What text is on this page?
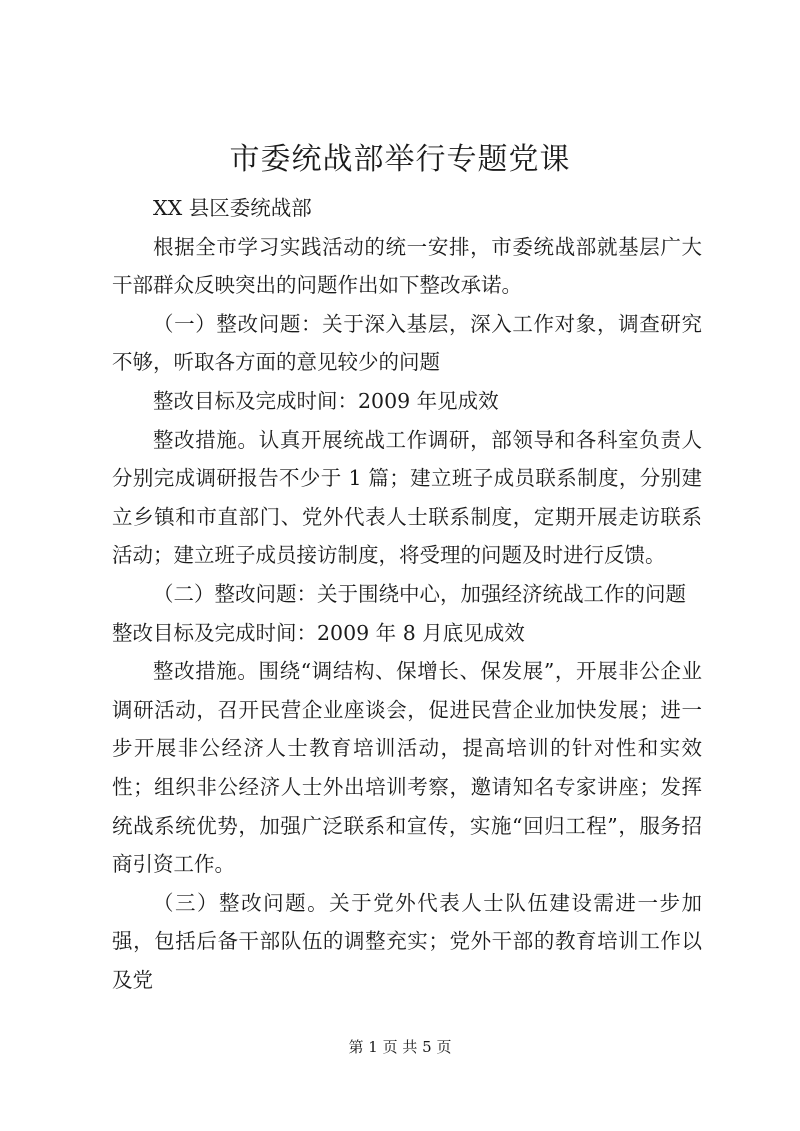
市委统战部举行专题党课

XX 县区委统战部

根据全市学习实践活动的统一安排，市委统战部就基层广大干部群众反映突出的问题作出如下整改承诺。

（一）整改问题：关于深入基层，深入工作对象，调查研究不够，听取各方面的意见较少的问题

整改目标及完成时间：2009 年见成效

整改措施。认真开展统战工作调研，部领导和各科室负责人分别完成调研报告不少于 1 篇；建立班子成员联系制度，分别建立乡镇和市直部门、党外代表人士联系制度，定期开展走访联系活动；建立班子成员接访制度，将受理的问题及时进行反馈。

（二）整改问题：关于围绕中心，加强经济统战工作的问题

整改目标及完成时间：2009 年 8 月底见成效

整改措施。围绕“调结构、保增长、保发展”，开展非公企业调研活动，召开民营企业座谈会，促进民营企业加快发展；进一步开展非公经济人士教育培训活动，提高培训的针对性和实效性；组织非公经济人士外出培训考察，邀请知名专家讲座；发挥统战系统优势，加强广泛联系和宣传，实施“回归工程”，服务招商引资工作。

（三）整改问题。关于党外代表人士队伍建设需进一步加强，包括后备干部队伍的调整充实；党外干部的教育培训工作以及党

第 1 页 共 5 页
